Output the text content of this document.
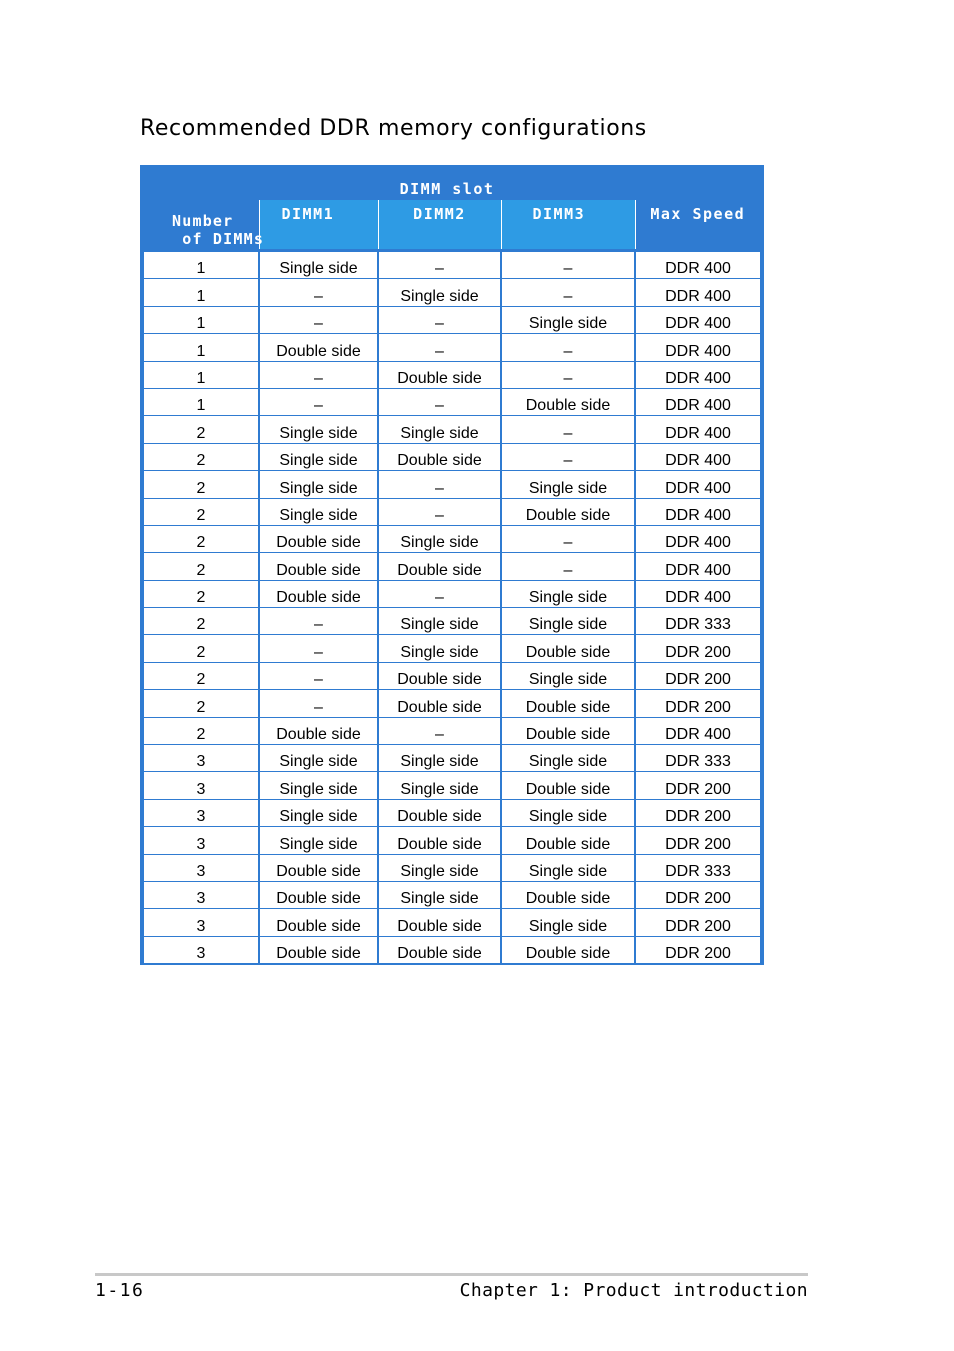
Recommended DDR memory configurations
Number
of DIMMs	DIMM slot			
	DIMM1	DIMM2	DIMM3	Max Speed

1	Single side	–	–	DDR 400
1	–	Single side	–	DDR 400
1	–	–	Single side	DDR 400
1	Double side	–	–	DDR 400
1	–	Double side	–	DDR 400
1	–	–	Double side	DDR 400
2	Single side	Single side	–	DDR 400
2	Single side	Double side	–	DDR 400
2	Single side	–	Single side	DDR 400
2	Single side	–	Double side	DDR 400
2	Double side	Single side	–	DDR 400
2	Double side	Double side	–	DDR 400
2	Double side	–	Single side	DDR 400
2	–	Single side	Single side	DDR 333
2	–	Single side	Double side	DDR 200
2	–	Double side	Single side	DDR 200
2	–	Double side	Double side	DDR 200
2	Double side	–	Double side	DDR 400
3	Single side	Single side	Single side	DDR 333
3	Single side	Single side	Double side	DDR 200
3	Single side	Double side	Single side	DDR 200
3	Single side	Double side	Double side	DDR 200
3	Double side	Single side	Single side	DDR 333
3	Double side	Single side	Double side	DDR 200
3	Double side	Double side	Single side	DDR 200
3	Double side	Double side	Double side	DDR 200
1-16	Chapter 1: Product introduction
